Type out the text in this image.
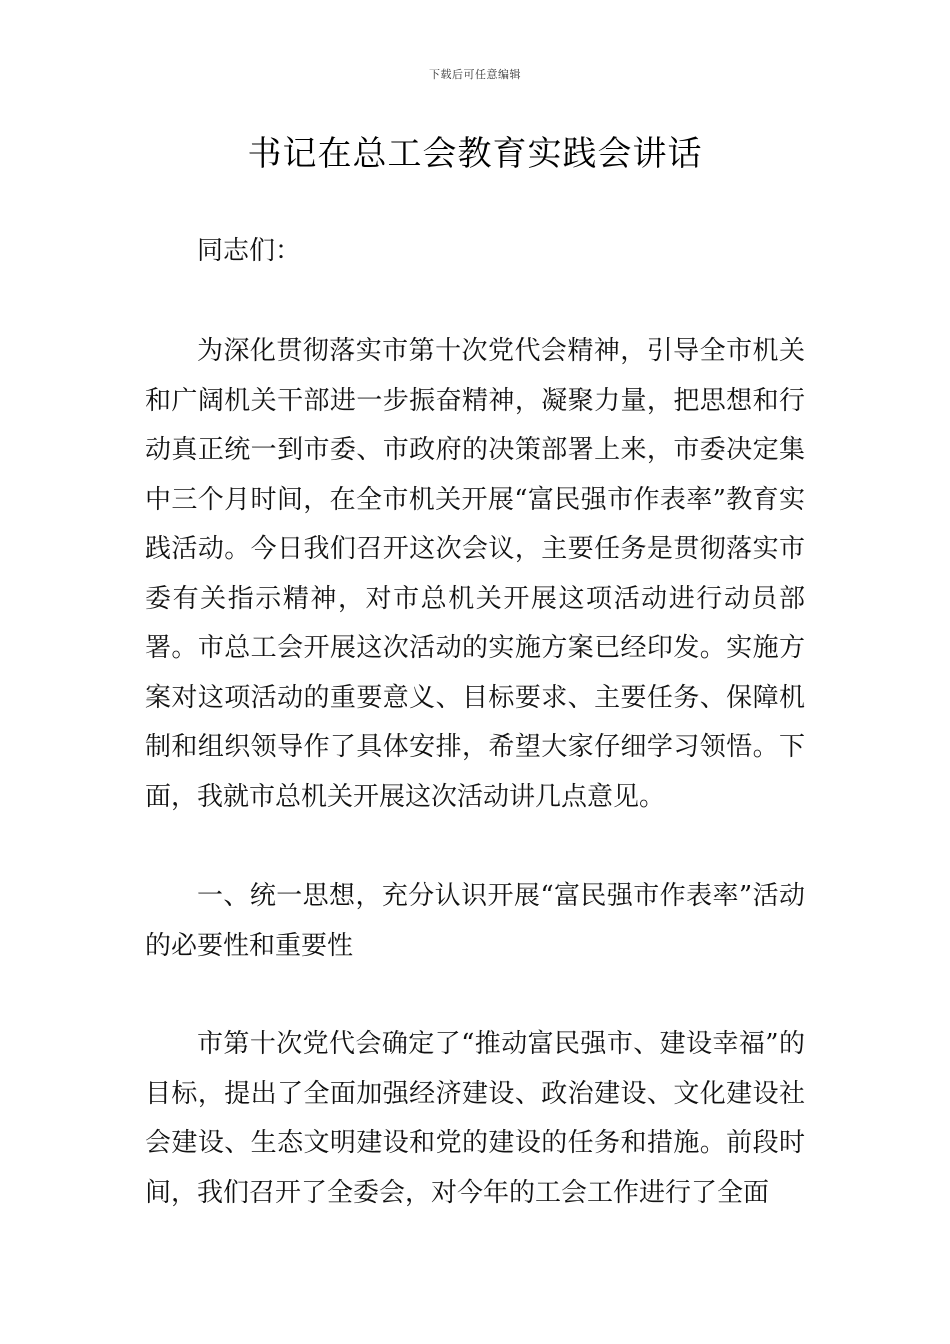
下载后可任意编辑
书记在总工会教育实践会讲话

同志们：

为深化贯彻落实市第十次党代会精神，引导全市机关和广阔机关干部进一步振奋精神，凝聚力量，把思想和行动真正统一到市委、市政府的决策部署上来，市委决定集中三个月时间，在全市机关开展“富民强市作表率”教育实践活动。今日我们召开这次会议，主要任务是贯彻落实市委有关指示精神，对市总机关开展这项活动进行动员部署。市总工会开展这次活动的实施方案已经印发。实施方案对这项活动的重要意义、目标要求、主要任务、保障机制和组织领导作了具体安排，希望大家仔细学习领悟。下面，我就市总机关开展这次活动讲几点意见。

一、统一思想，充分认识开展“富民强市作表率”活动的必要性和重要性

市第十次党代会确定了“推动富民强市、建设幸福”的目标，提出了全面加强经济建设、政治建设、文化建设社会建设、生态文明建设和党的建设的任务和措施。前段时间，我们召开了全委会，对今年的工会工作进行了全面
